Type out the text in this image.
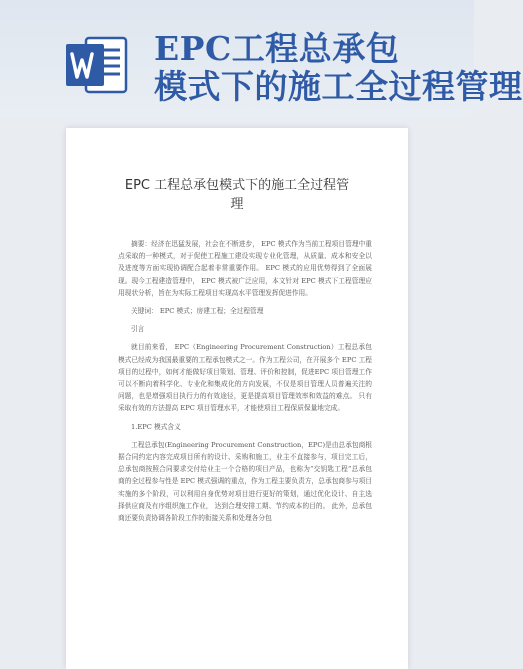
EPC工程总承包
模式下的施工全过程管理
EPC 工程总承包模式下的施工全过程管
理

摘要：经济在迅猛发展，社会在不断进步， EPC 模式作为当前工程项目管理中重点采取的一种模式，对于促使工程施工建设实现专业化管理，从质量、成本和安全以及进度等方面实现协调配合起着非常重要作用。 EPC 模式的应用优势得到了全面展现。现今工程建造管理中， EPC 模式被广泛应用，本文针对 EPC 模式下工程管理应用现状分析，旨在为实际工程项目实现高水平管理发挥促进作用。

关键词： EPC 模式；房建工程；全过程管理

引言

就目前来看， EPC（Engineering Procurement Construction）工程总承包模式已经成为我国最重要的工程承包模式之一。作为工程公司，在开展多个 EPC 工程项目的过程中，如何才能做好项目策划、管理、评价和控制，促进EPC 项目管理工作可以不断向着科学化、专业化和集成化的方向发展，不仅是项目管理人员普遍关注的问题，也是增强项目执行力的有效途径，更是提高项目管理效率和效益的难点。 只有采取有效的方法提高 EPC 项目管理水平，才能使项目工程保质保量地完成。

1.EPC 模式含义

工程总承包(Engineering Procurement Construction，EPC)是由总承包商根据合同约定内容完成项目所有的设计、采购和施工，业主不直接参与，项目完工后，总承包商按照合同要求交付给业主一个合格的项目产品，也称为“交钥匙工程”总承包商的全过程参与性是 EPC 模式强调的重点，作为工程主要负责方，总承包商参与项目实施的多个阶段，可以利用自身优势对项目进行更好的策划，通过优化设计、自主选择供应商及有序组织施工作业， 达到合理安排工期、节约成本的目的。 此外，总承包商还要负责协调各阶段工作的衔接关系和处理各分包
